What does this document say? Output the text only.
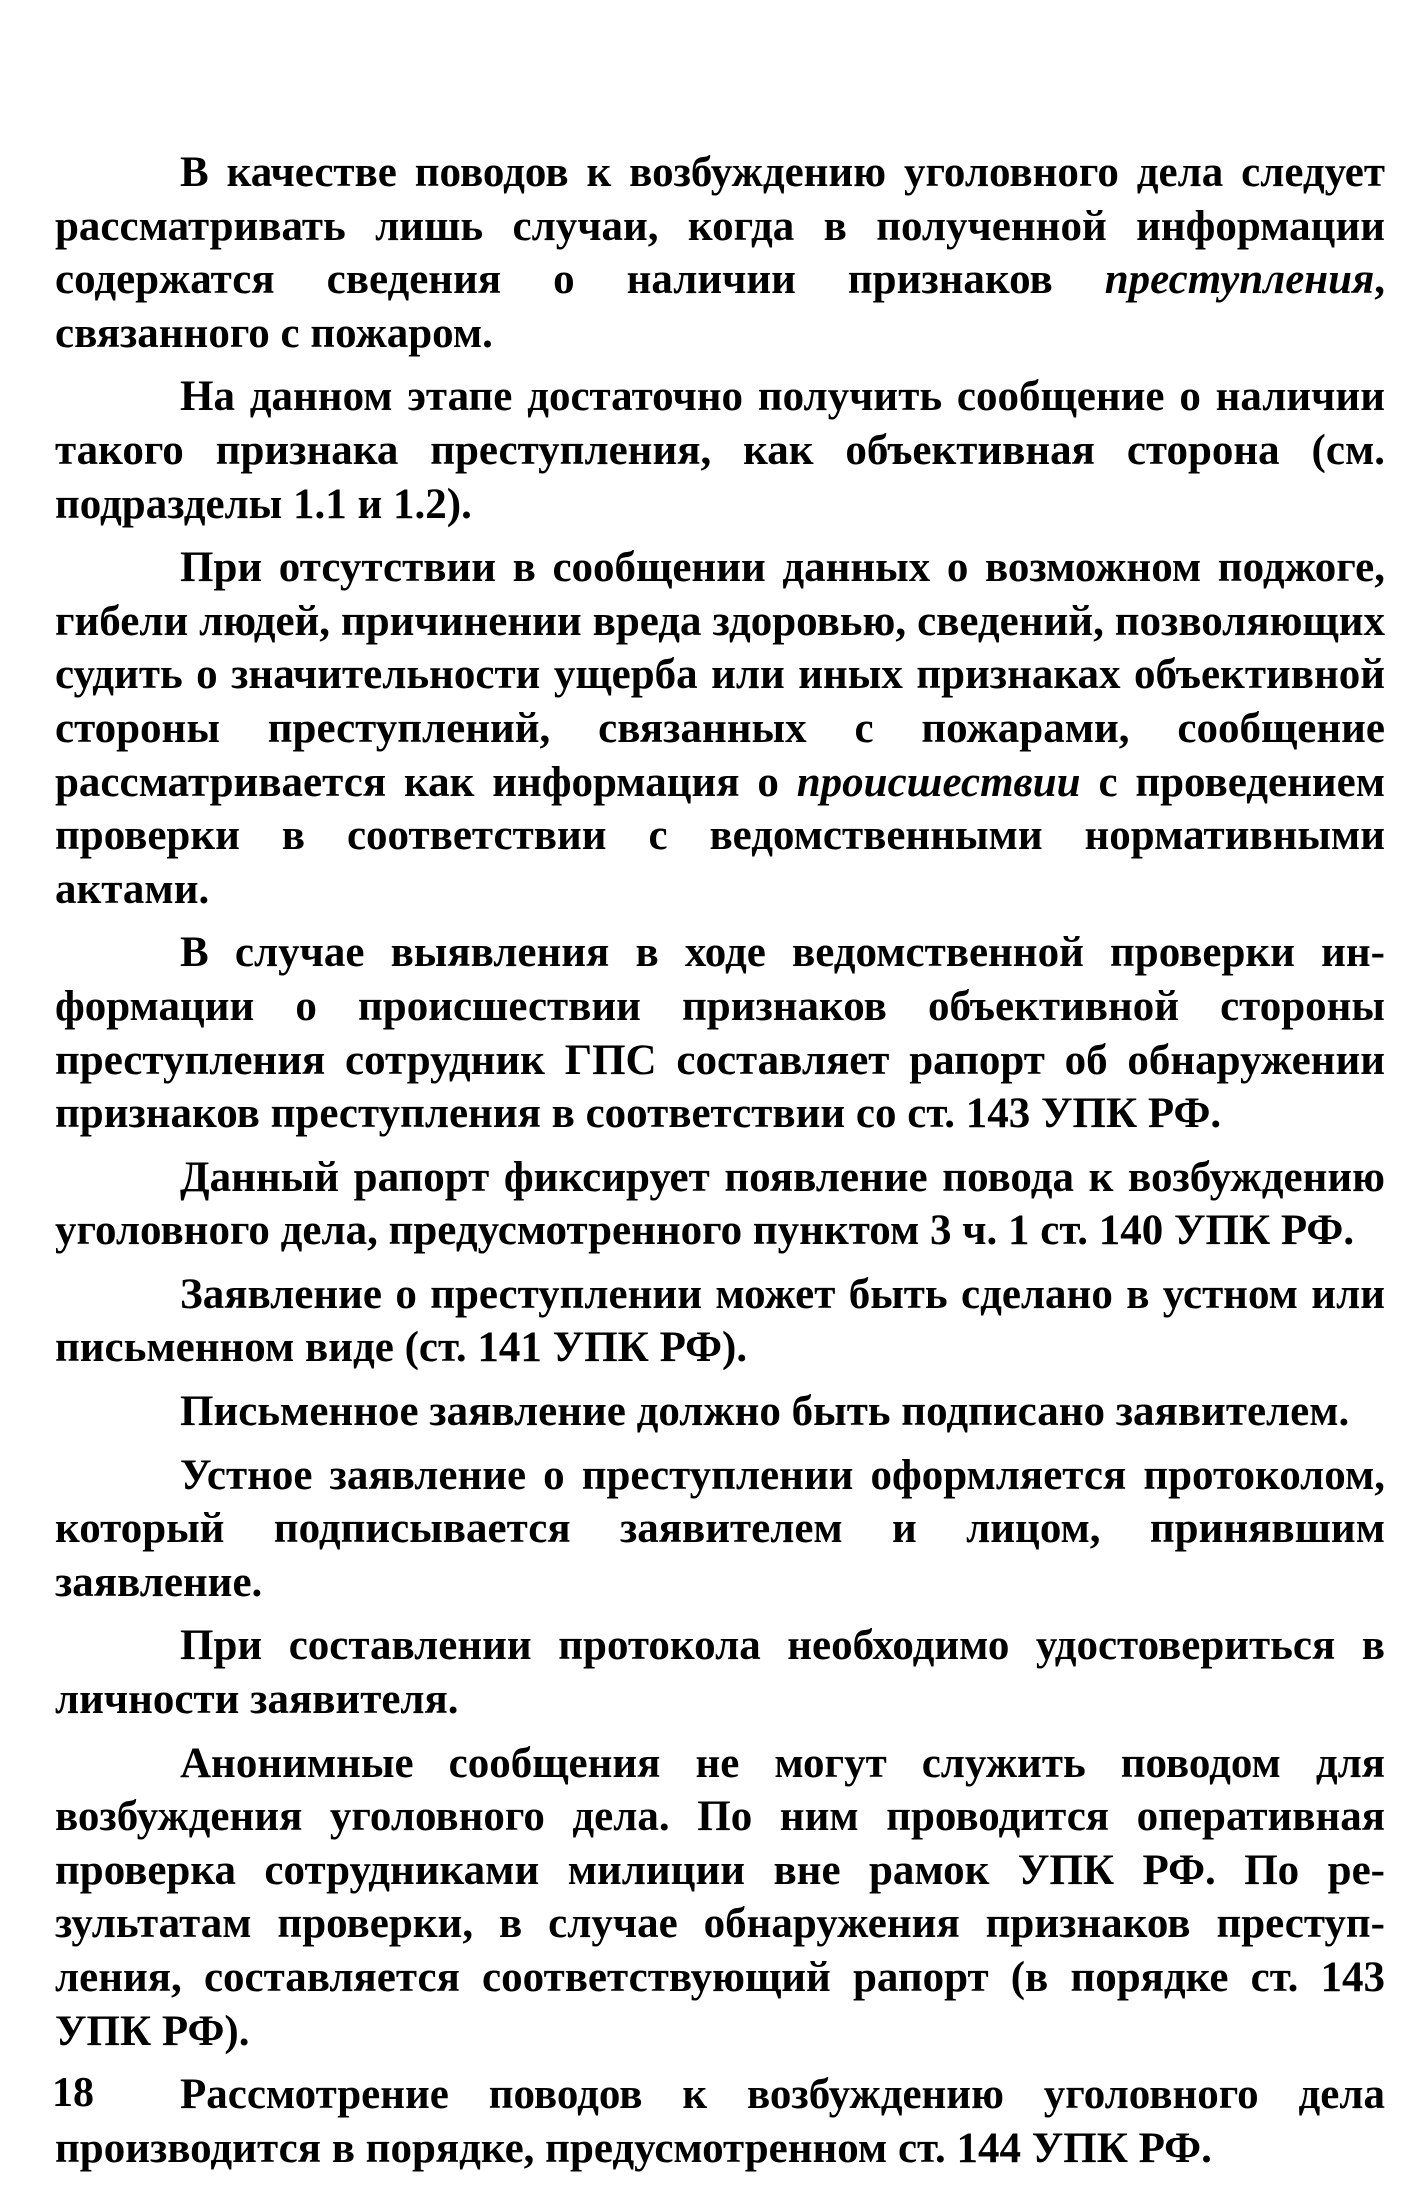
В качестве поводов к возбуждению уголовного дела следует рассматривать лишь случаи, когда в полученной информации содержатся сведения о наличии признаков преступления, связанного с пожаром.

На данном этапе достаточно получить сообщение о наличии такого признака преступления, как объективная сторона (см. подразделы 1.1 и 1.2).

При отсутствии в сообщении данных о возможном поджоге, гибели людей, причинении вреда здоровью, сведений, позволяющих судить о значительности ущерба или иных признаках объективной стороны преступлений, связанных с пожарами, сообщение рассматривается как информация о происшествии с проведением проверки в соответствии с ведомственными нормативными актами.

В случае выявления в ходе ведомственной проверки информации о происшествии признаков объективной стороны преступления сотрудник ГПС составляет рапорт об обнаружении признаков преступления в соответствии со ст. 143 УПК РФ.

Данный рапорт фиксирует появление повода к возбуждению уголовного дела, предусмотренного пунктом 3 ч. 1 ст. 140 УПК РФ.

Заявление о преступлении может быть сделано в устном или письменном виде (ст. 141 УПК РФ).

Письменное заявление должно быть подписано заявителем.

Устное заявление о преступлении оформляется протоколом, который подписывается заявителем и лицом, принявшим заявление.

При составлении протокола необходимо удостовериться в личности заявителя.

Анонимные сообщения не могут служить поводом для возбуждения уголовного дела. По ним проводится оперативная проверка сотрудниками милиции вне рамок УПК РФ. По результатам проверки, в случае обнаружения признаков преступления, составляется соответствующий рапорт (в порядке ст. 143 УПК РФ).

Рассмотрение поводов к возбуждению уголовного дела производится в порядке, предусмотренном ст. 144 УПК РФ.

18
